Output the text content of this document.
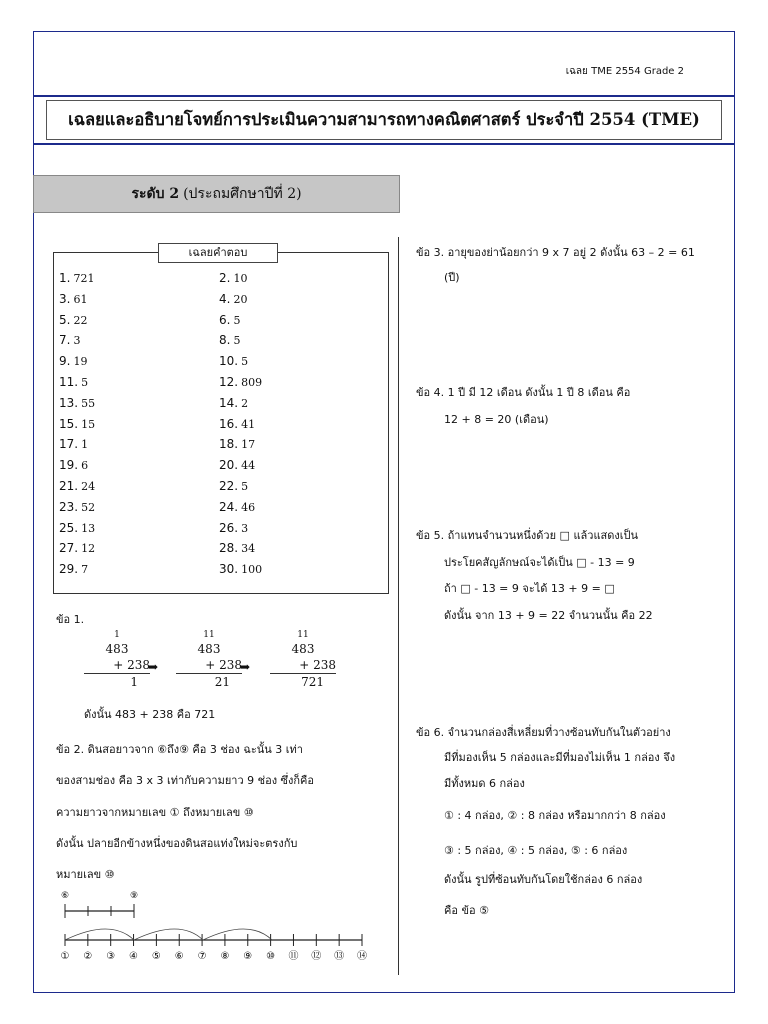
เฉลย TME 2554 Grade 2
เฉลยและอธิบายโจทย์การประเมินความสามารถทางคณิตศาสตร์ ประจำปี 2554 (TME)
ระดับ 2 (ประถมศึกษาปีที่ 2)
เฉลยคำตอบ
1. 721	2. 10
3. 61	4. 20
5. 22	6. 5
7. 3	8. 5
9. 19	10. 5
11. 5	12. 809
13. 55	14. 2
15. 15	16. 41
17. 1	18. 17
19. 6	20. 44
21. 24	22. 5
23. 52	24. 46
25. 13	26. 3
27. 12	28. 34
29. 7	30. 100
ข้อ 1.
1
483
+ 238
1
➡
11
483
+ 238
21
➡
11
483
+ 238
721
ดังนั้น 483 + 238 คือ 721
ข้อ 2. ดินสอยาวจาก ⑥ถึง⑨ คือ 3 ช่อง ฉะนั้น 3 เท่า
ของสามช่อง คือ 3 x 3 เท่ากับความยาว 9 ช่อง ซึ่งก็คือ
ความยาวจากหมายเลข ① ถึงหมายเลข ⑩
ดังนั้น ปลายอีกข้างหนึ่งของดินสอแท่งใหม่จะตรงกับ
หมายเลข ⑩
⑥	⑨
① ② ③ ④ ⑤ ⑥ ⑦ ⑧ ⑨ ⑩ ⑪ ⑫ ⑬ ⑭
ข้อ 3. อายุของย่าน้อยกว่า 9 x 7 อยู่ 2 ดังนั้น 63 – 2 = 61
(ปี)
ข้อ 4. 1 ปี มี 12 เดือน ดังนั้น 1 ปี 8 เดือน คือ
12 + 8 = 20 (เดือน)
ข้อ 5. ถ้าแทนจำนวนหนึ่งด้วย □ แล้วแสดงเป็น
ประโยคสัญลักษณ์จะได้เป็น □ - 13 = 9
ถ้า □ - 13 = 9 จะได้ 13 + 9 = □
ดังนั้น จาก 13 + 9 = 22 จำนวนนั้น คือ 22
ข้อ 6. จำนวนกล่องสี่เหลี่ยมที่วางซ้อนทับกันในตัวอย่าง
มีที่มองเห็น 5 กล่องและมีที่มองไม่เห็น 1 กล่อง จึง
มีทั้งหมด 6 กล่อง
① : 4 กล่อง, ② : 8 กล่อง หรือมากกว่า 8 กล่อง
③ : 5 กล่อง, ④ : 5 กล่อง, ⑤ : 6 กล่อง
ดังนั้น รูปที่ซ้อนทับกันโดยใช้กล่อง 6 กล่อง
คือ ข้อ ⑤
